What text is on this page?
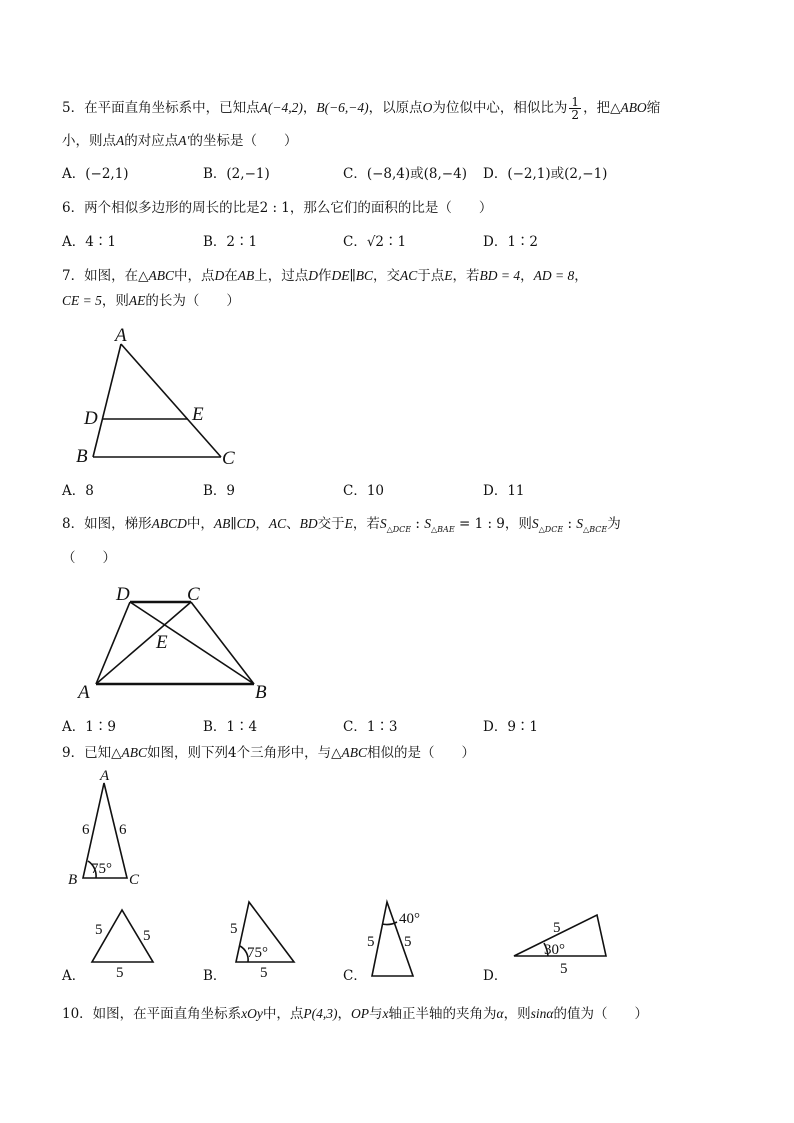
5．在平面直角坐标系中，已知点A(−4,2)，B(−6,−4)，以原点O为位似中心，相似比为 $\frac{1}{2}$ ，把△ABO缩
小，则点A的对应点A′的坐标是（　　）
A．(−2,1)	B．(2,−1)	C．(−8,4)或(8,−4) D．(−2,1)或(2,−1)
6．两个相似多边形的周长的比是2 : 1，那么它们的面积的比是（　　）
A．4∶1	B．2∶1	C．√2∶1	D．1∶2
7．如图，在△ABC中，点D在AB上，过点D作DE∥BC，交AC于点E，若BD = 4，AD = 8，
CE = 5，则AE的长为（　　）
A
D	E
B	C
A．8	B．9	C．10	D．11
8．如图，梯形ABCD中，AB∥CD，AC、BD交于E，若$S_{\triangle DCE}$ : $S_{\triangle BAE} = 1$ : 9，则$S_{\triangle DCE}$ : $S_{\triangle BCE}$为
（　　）
D	C
E
A	B
A．1∶9	B．1∶4	C．1∶3	D．9∶1
9．已知△ABC如图，则下列4个三角形中，与△ABC相似的是（　　）
A
B	C
6 6
75°
5	5
5
5
75°
5
40°
5 5
5
30°
5
A．	B．	C．	D．
10．如图，在平面直角坐标系xOy中，点P(4,3)，OP与x轴正半轴的夹角为α，则sinα的值为（　　）
